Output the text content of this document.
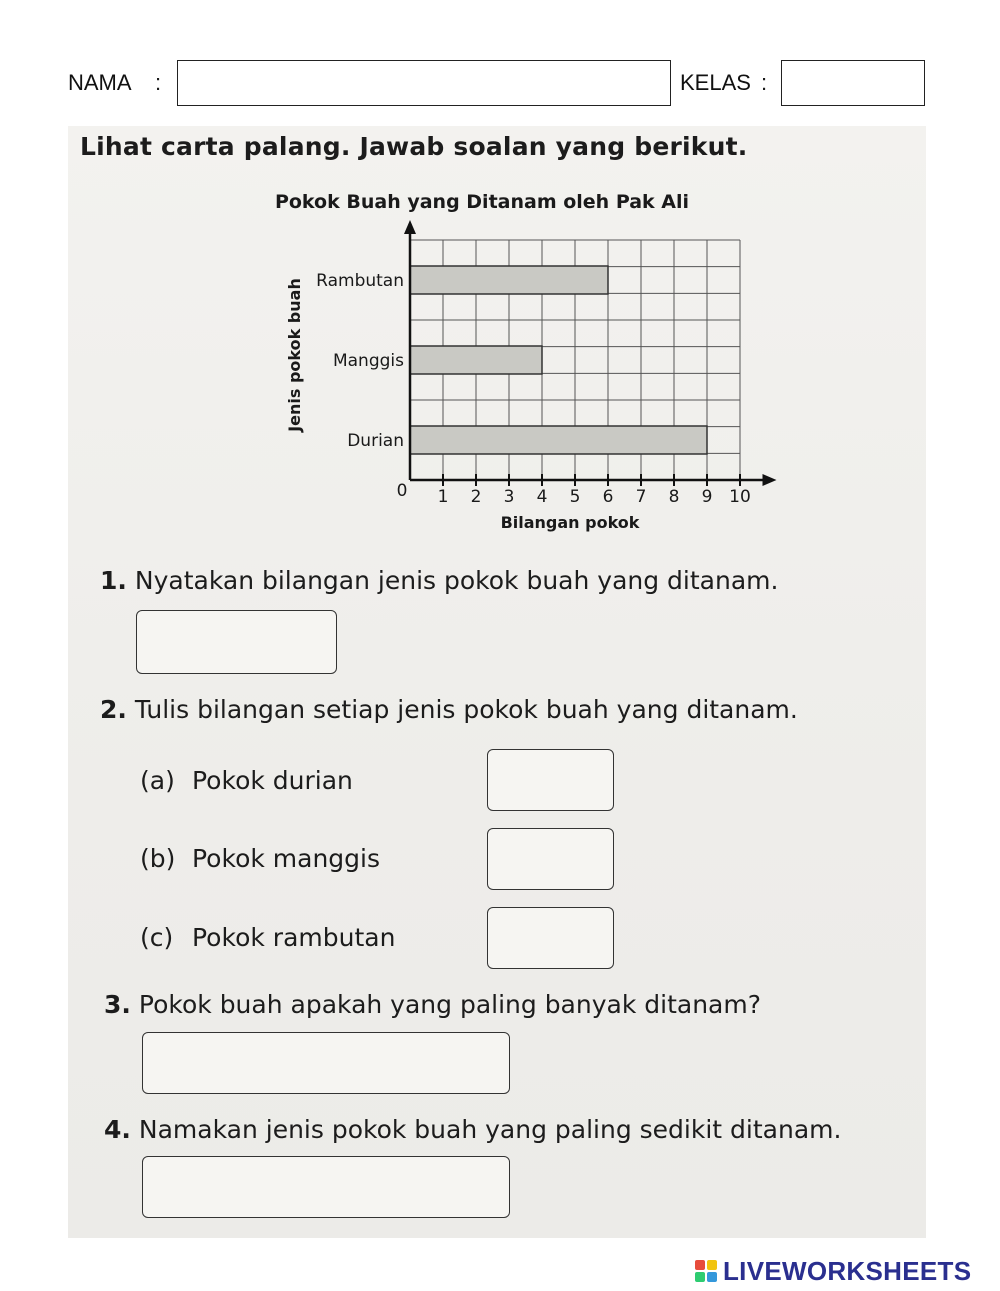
NAMA :	KELAS :
Lihat carta palang. Jawab soalan yang berikut.
Pokok Buah yang Ditanam oleh Pak Ali
0 1 2 3 4 5 6 7 8 9 10
Rambutan
Manggis
Durian
Bilangan pokok
Jenis pokok buah
1. Nyatakan bilangan jenis pokok buah yang ditanam.
2. Tulis bilangan setiap jenis pokok buah yang ditanam.
(a) Pokok durian
(b) Pokok manggis
(c) Pokok rambutan
3. Pokok buah apakah yang paling banyak ditanam?
4. Namakan jenis pokok buah yang paling sedikit ditanam.
LIVEWORKSHEETS
